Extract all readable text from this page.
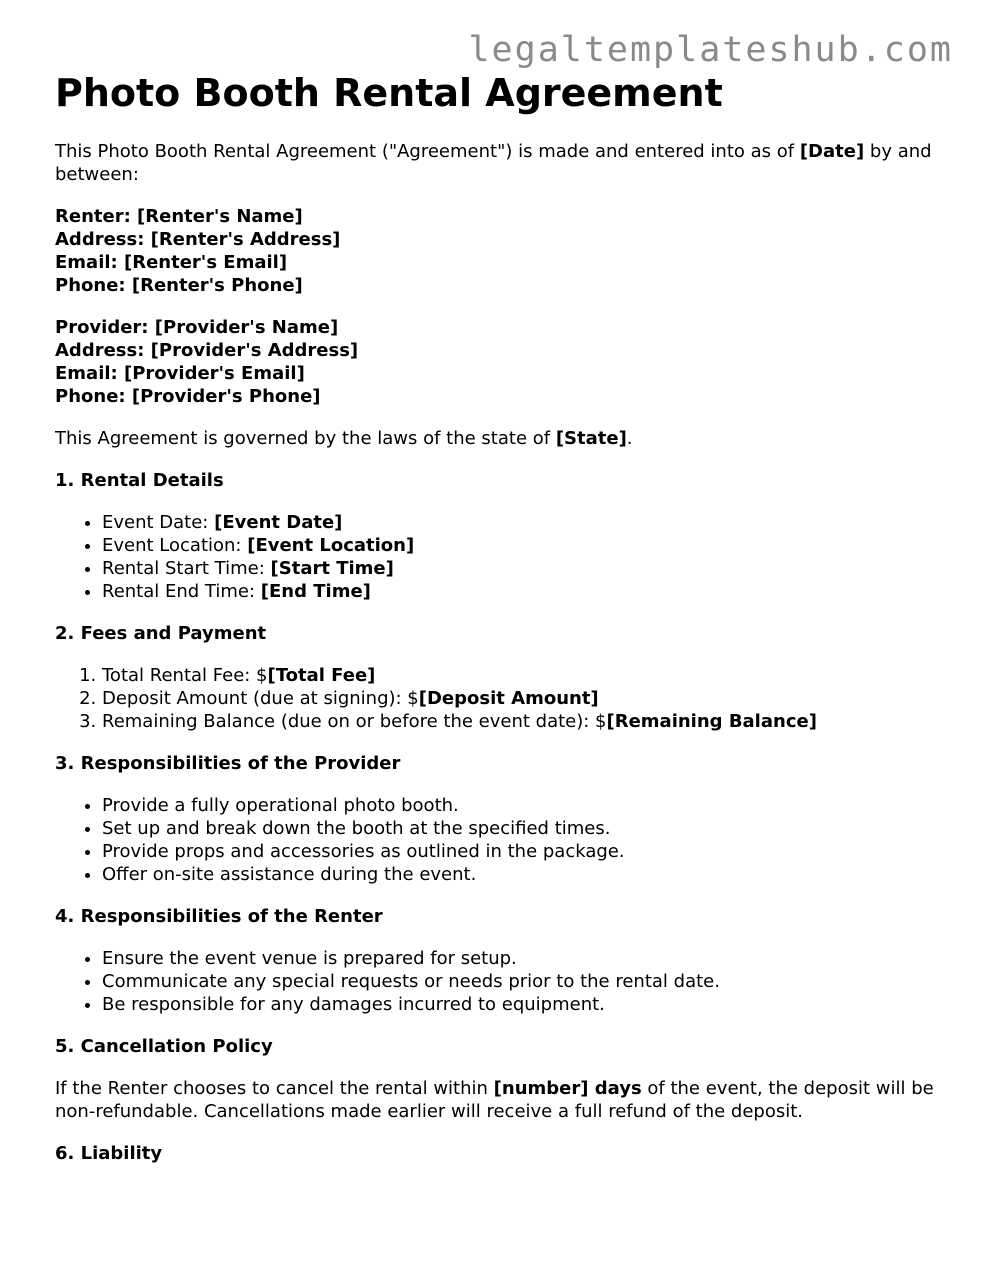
legaltemplateshub.com
Photo Booth Rental Agreement

This Photo Booth Rental Agreement ("Agreement") is made and entered into as of [Date] by and between:

Renter: [Renter's Name]
Address: [Renter's Address]
Email: [Renter's Email]
Phone: [Renter's Phone]
Provider: [Provider's Name]
Address: [Provider's Address]
Email: [Provider's Email]
Phone: [Provider's Phone]

This Agreement is governed by the laws of the state of [State].

1. Rental Details
• Event Date: [Event Date]
• Event Location: [Event Location]
• Rental Start Time: [Start Time]
• Rental End Time: [End Time]
2. Fees and Payment
1. Total Rental Fee: $[Total Fee]
2. Deposit Amount (due at signing): $[Deposit Amount]
3. Remaining Balance (due on or before the event date): $[Remaining Balance]
3. Responsibilities of the Provider
• Provide a fully operational photo booth.
• Set up and break down the booth at the specified times.
• Provide props and accessories as outlined in the package.
• Offer on-site assistance during the event.
4. Responsibilities of the Renter
• Ensure the event venue is prepared for setup.
• Communicate any special requests or needs prior to the rental date.
• Be responsible for any damages incurred to equipment.
5. Cancellation Policy

If the Renter chooses to cancel the rental within [number] days of the event, the deposit will be non-refundable. Cancellations made earlier will receive a full refund of the deposit.

6. Liability
